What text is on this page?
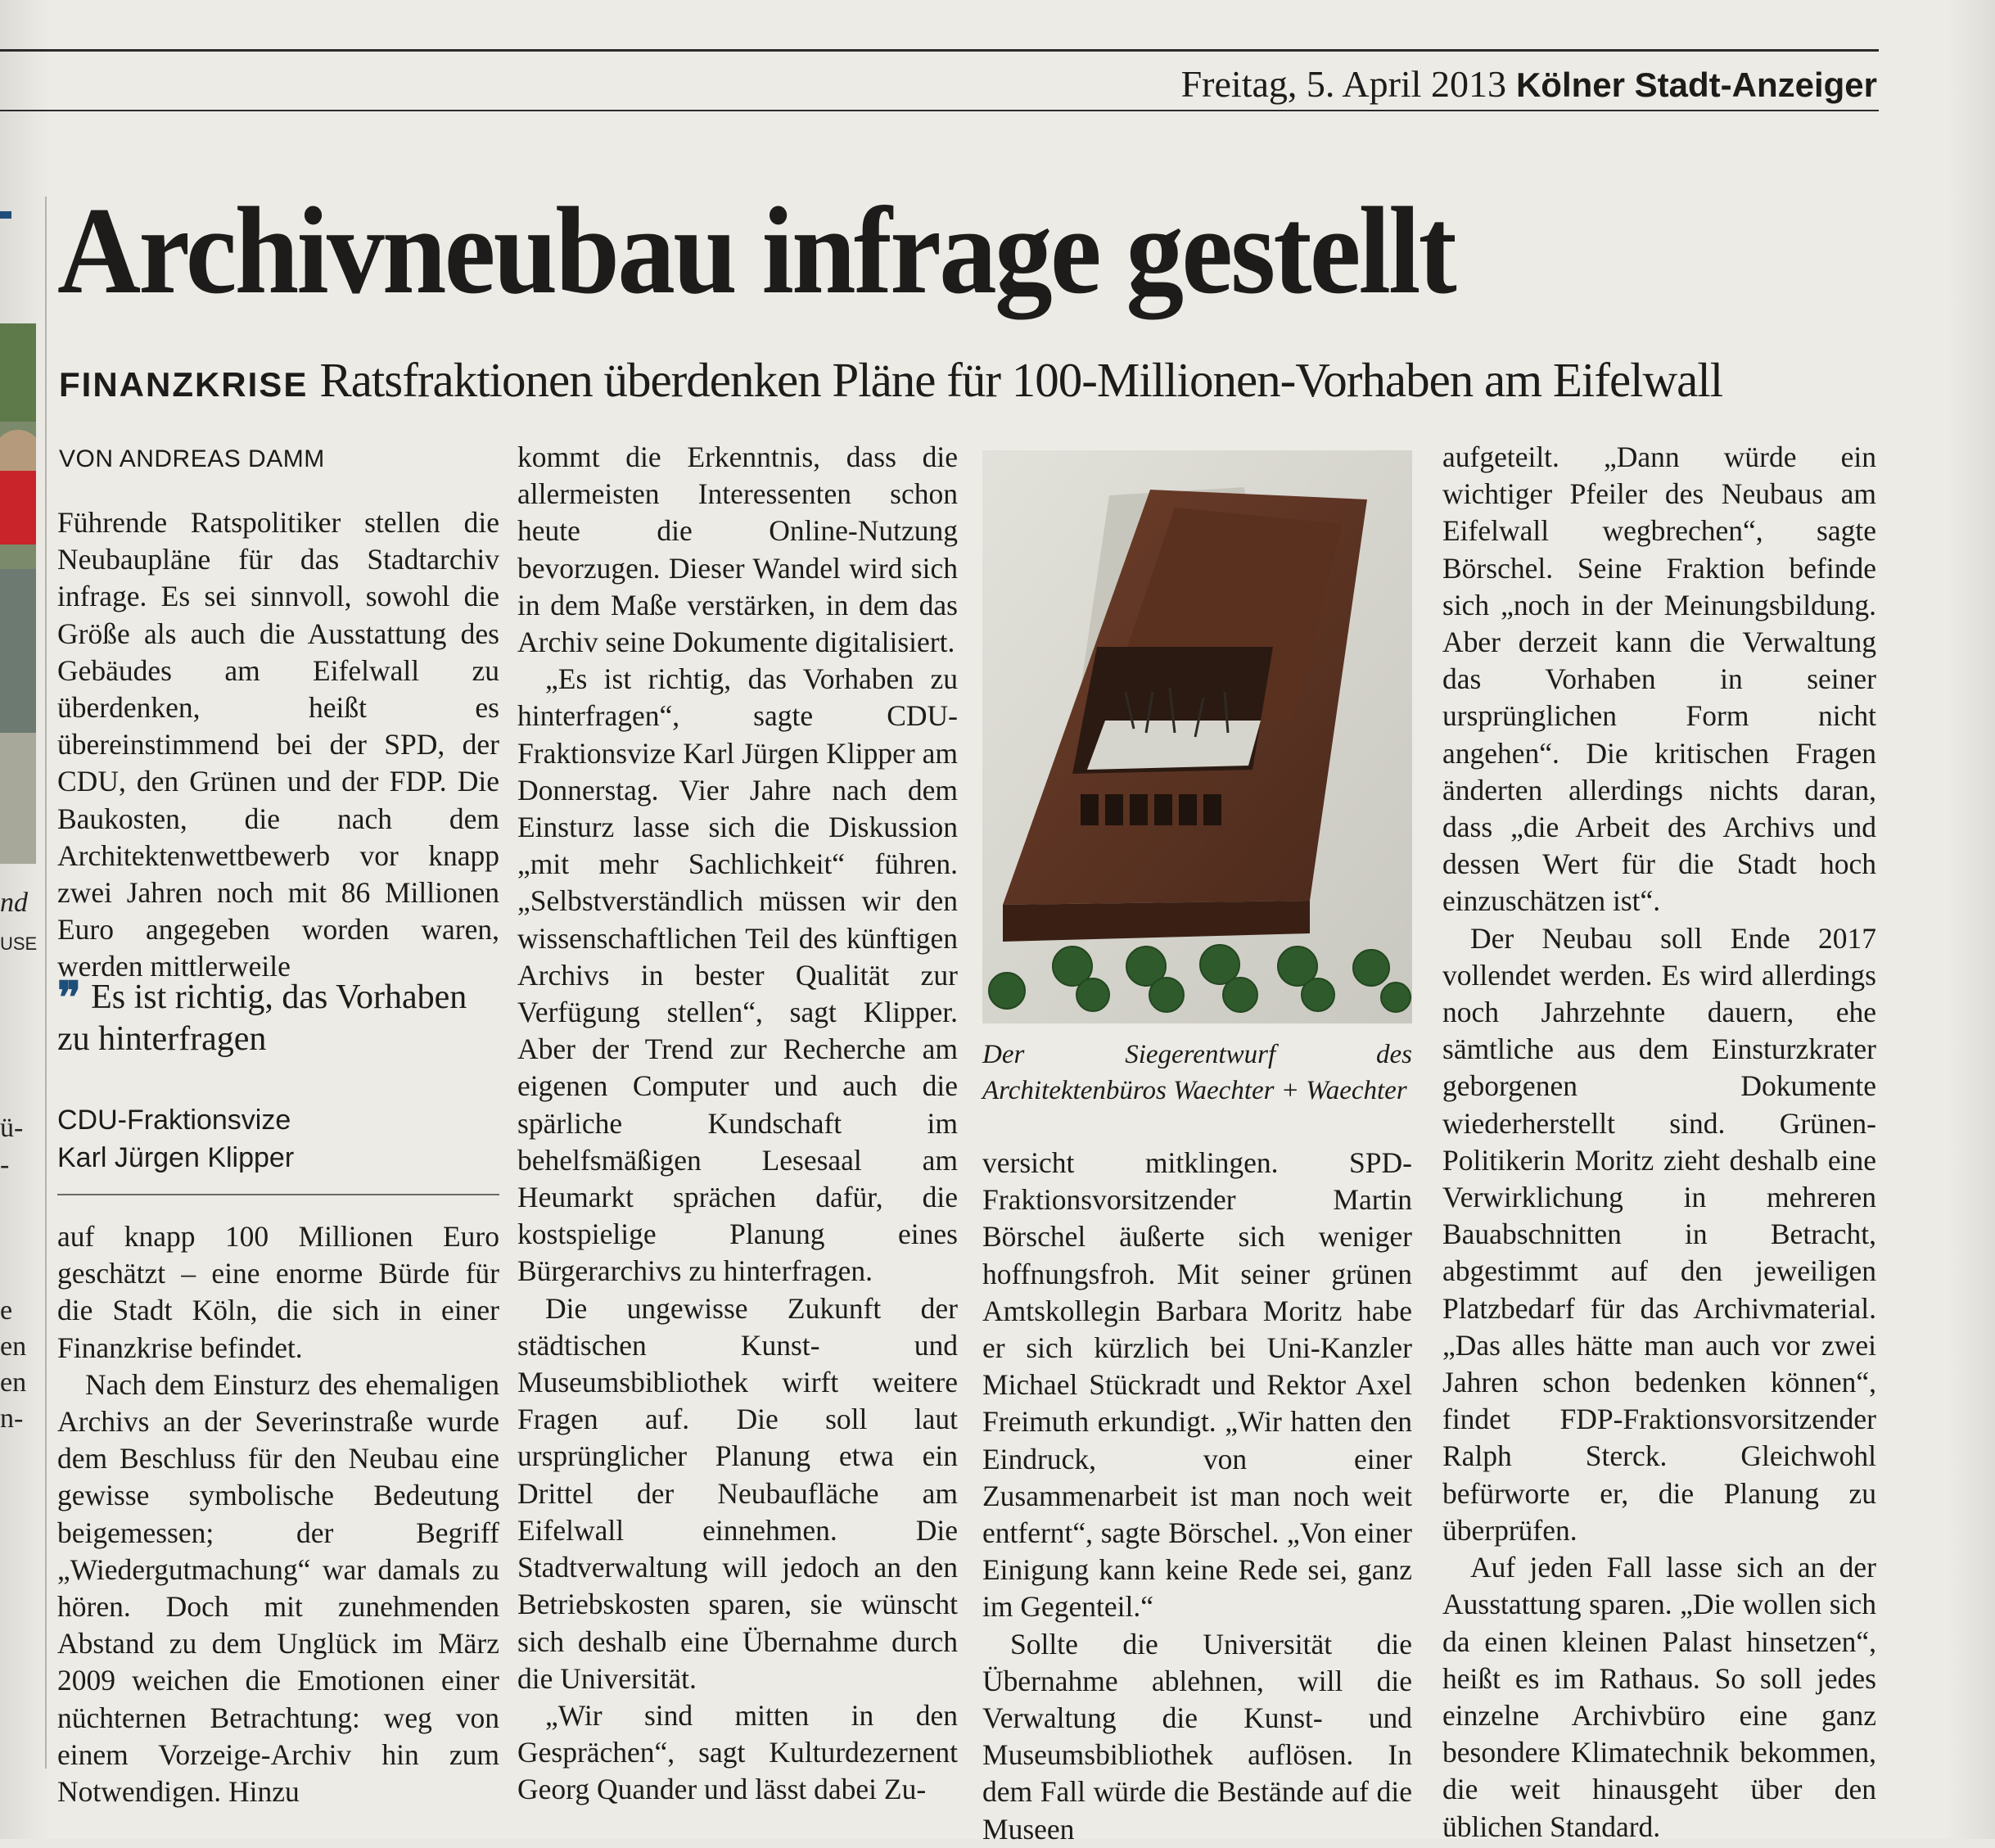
Freitag, 5. April 2013 Kölner Stadt-Anzeiger
nd
USE
ü-
-
e
en
en
n-
Archivneubau infrage gestellt
FINANZKRISE Ratsfraktionen überdenken Pläne für 100-Millionen-Vorhaben am Eifelwall
VON ANDREAS DAMM

Führende Ratspolitiker stellen die Neubaupläne für das Stadtarchiv infrage. Es sei sinnvoll, sowohl die Größe als auch die Ausstattung des Gebäudes am Eifelwall zu überdenken, heißt es übereinstimmend bei der SPD, der CDU, den Grünen und der FDP. Die Baukosten, die nach dem Architektenwettbewerb vor knapp zwei Jahren noch mit 86 Millionen Euro angegeben worden waren, werden mittlerweile

❞ Es ist richtig, das Vorhaben zu hinterfragen
CDU-Fraktionsvize
Karl Jürgen Klipper

auf knapp 100 Millionen Euro geschätzt – eine enorme Bürde für die Stadt Köln, die sich in einer Finanzkrise befindet.

Nach dem Einsturz des ehemaligen Archivs an der Severinstraße wurde dem Beschluss für den Neubau eine gewisse symbolische Bedeutung beigemessen; der Begriff „Wiedergutmachung“ war damals zu hören. Doch mit zunehmenden Abstand zu dem Unglück im März 2009 weichen die Emotionen einer nüchternen Betrachtung: weg von einem Vorzeige-Archiv hin zum Notwendigen. Hinzu

kommt die Erkenntnis, dass die allermeisten Interessenten schon heute die Online-Nutzung bevorzugen. Dieser Wandel wird sich in dem Maße verstärken, in dem das Archiv seine Dokumente digitalisiert.

„Es ist richtig, das Vorhaben zu hinterfragen“, sagte CDU-Fraktionsvize Karl Jürgen Klipper am Donnerstag. Vier Jahre nach dem Einsturz lasse sich die Diskussion „mit mehr Sachlichkeit“ führen. „Selbstverständlich müssen wir den wissenschaftlichen Teil des künftigen Archivs in bester Qualität zur Verfügung stellen“, sagt Klipper. Aber der Trend zur Recherche am eigenen Computer und auch die spärliche Kundschaft im behelfsmäßigen Lesesaal am Heumarkt sprächen dafür, die kostspielige Planung eines Bürgerarchivs zu hinterfragen.

Die ungewisse Zukunft der städtischen Kunst- und Museumsbibliothek wirft weitere Fragen auf. Die soll laut ursprünglicher Planung etwa ein Drittel der Neubaufläche am Eifelwall einnehmen. Die Stadtverwaltung will jedoch an den Betriebskosten sparen, sie wünscht sich deshalb eine Übernahme durch die Universität.

„Wir sind mitten in den Gesprächen“, sagt Kulturdezernent Georg Quander und lässt dabei Zu-

Der Siegerentwurf des Architektenbüros Waechter + Waechter

versicht mitklingen. SPD-Fraktionsvorsitzender Martin Börschel äußerte sich weniger hoffnungsfroh. Mit seiner grünen Amtskollegin Barbara Moritz habe er sich kürzlich bei Uni-Kanzler Michael Stückradt und Rektor Axel Freimuth erkundigt. „Wir hatten den Eindruck, von einer Zusammenarbeit ist man noch weit entfernt“, sagte Börschel. „Von einer Einigung kann keine Rede sei, ganz im Gegenteil.“

Sollte die Universität die Übernahme ablehnen, will die Verwaltung die Kunst- und Museumsbibliothek auflösen. In dem Fall würde die Bestände auf die Museen

aufgeteilt. „Dann würde ein wichtiger Pfeiler des Neubaus am Eifelwall wegbrechen“, sagte Börschel. Seine Fraktion befinde sich „noch in der Meinungsbildung. Aber derzeit kann die Verwaltung das Vorhaben in seiner ursprünglichen Form nicht angehen“. Die kritischen Fragen änderten allerdings nichts daran, dass „die Arbeit des Archivs und dessen Wert für die Stadt hoch einzuschätzen ist“.

Der Neubau soll Ende 2017 vollendet werden. Es wird allerdings noch Jahrzehnte dauern, ehe sämtliche aus dem Einsturzkrater geborgenen Dokumente wiederherstellt sind. Grünen-Politikerin Moritz zieht deshalb eine Verwirklichung in mehreren Bauabschnitten in Betracht, abgestimmt auf den jeweiligen Platzbedarf für das Archivmaterial. „Das alles hätte man auch vor zwei Jahren schon bedenken können“, findet FDP-Fraktionsvorsitzender Ralph Sterck. Gleichwohl befürworte er, die Planung zu überprüfen.

Auf jeden Fall lasse sich an der Ausstattung sparen. „Die wollen sich da einen kleinen Palast hinsetzen“, heißt es im Rathaus. So soll jedes einzelne Archivbüro eine ganz besondere Klimatechnik bekommen, die weit hinausgeht über den üblichen Standard.
